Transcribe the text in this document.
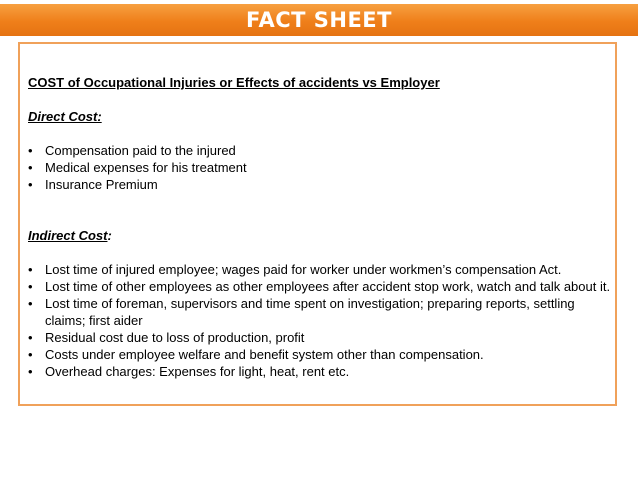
FACT SHEET

COST of Occupational Injuries or Effects of accidents vs Employer

Direct Cost:

• Compensation paid to the injured
• Medical expenses for his treatment
• Insurance Premium

Indirect Cost:

• Lost time of injured employee; wages paid for worker under workmen’s compensation Act.
• Lost time of other employees as other employees after accident stop work, watch and talk about it.
• Lost time of foreman, supervisors and time spent on investigation; preparing reports, settling claims; first aider
• Residual cost due to loss of production, profit
• Costs under employee welfare and benefit system other than compensation.
• Overhead charges: Expenses for light, heat, rent etc.
